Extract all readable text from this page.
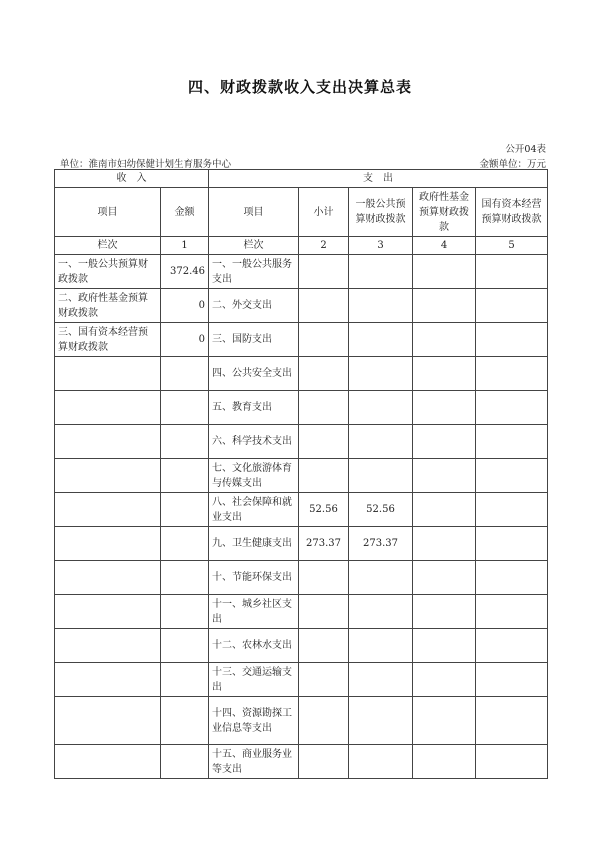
四、财政拨款收入支出决算总表
公开04表
单位：淮南市妇幼保健计划生育服务中心	金额单位：万元
收　入		支　出				
项目	金额	项目	小计	一般公共预算财政拨款	政府性基金预算财政拨款	国有资本经营预算财政拨款
栏次	1	栏次	2	3	4	5
一、一般公共预算财政拨款	372.46	一、一般公共服务支出				
二、政府性基金预算财政拨款	0	二、外交支出				
三、国有资本经营预算财政拨款	0	三、国防支出				
		四、公共安全支出				
		五、教育支出				
		六、科学技术支出				
		七、文化旅游体育与传媒支出				
		八、社会保障和就业支出	52.56	52.56		
		九、卫生健康支出	273.37	273.37		
		十、节能环保支出				
		十一、城乡社区支出				
		十二、农林水支出				
		十三、交通运输支出				
		十四、资源勘探工业信息等支出				
		十五、商业服务业等支出				
